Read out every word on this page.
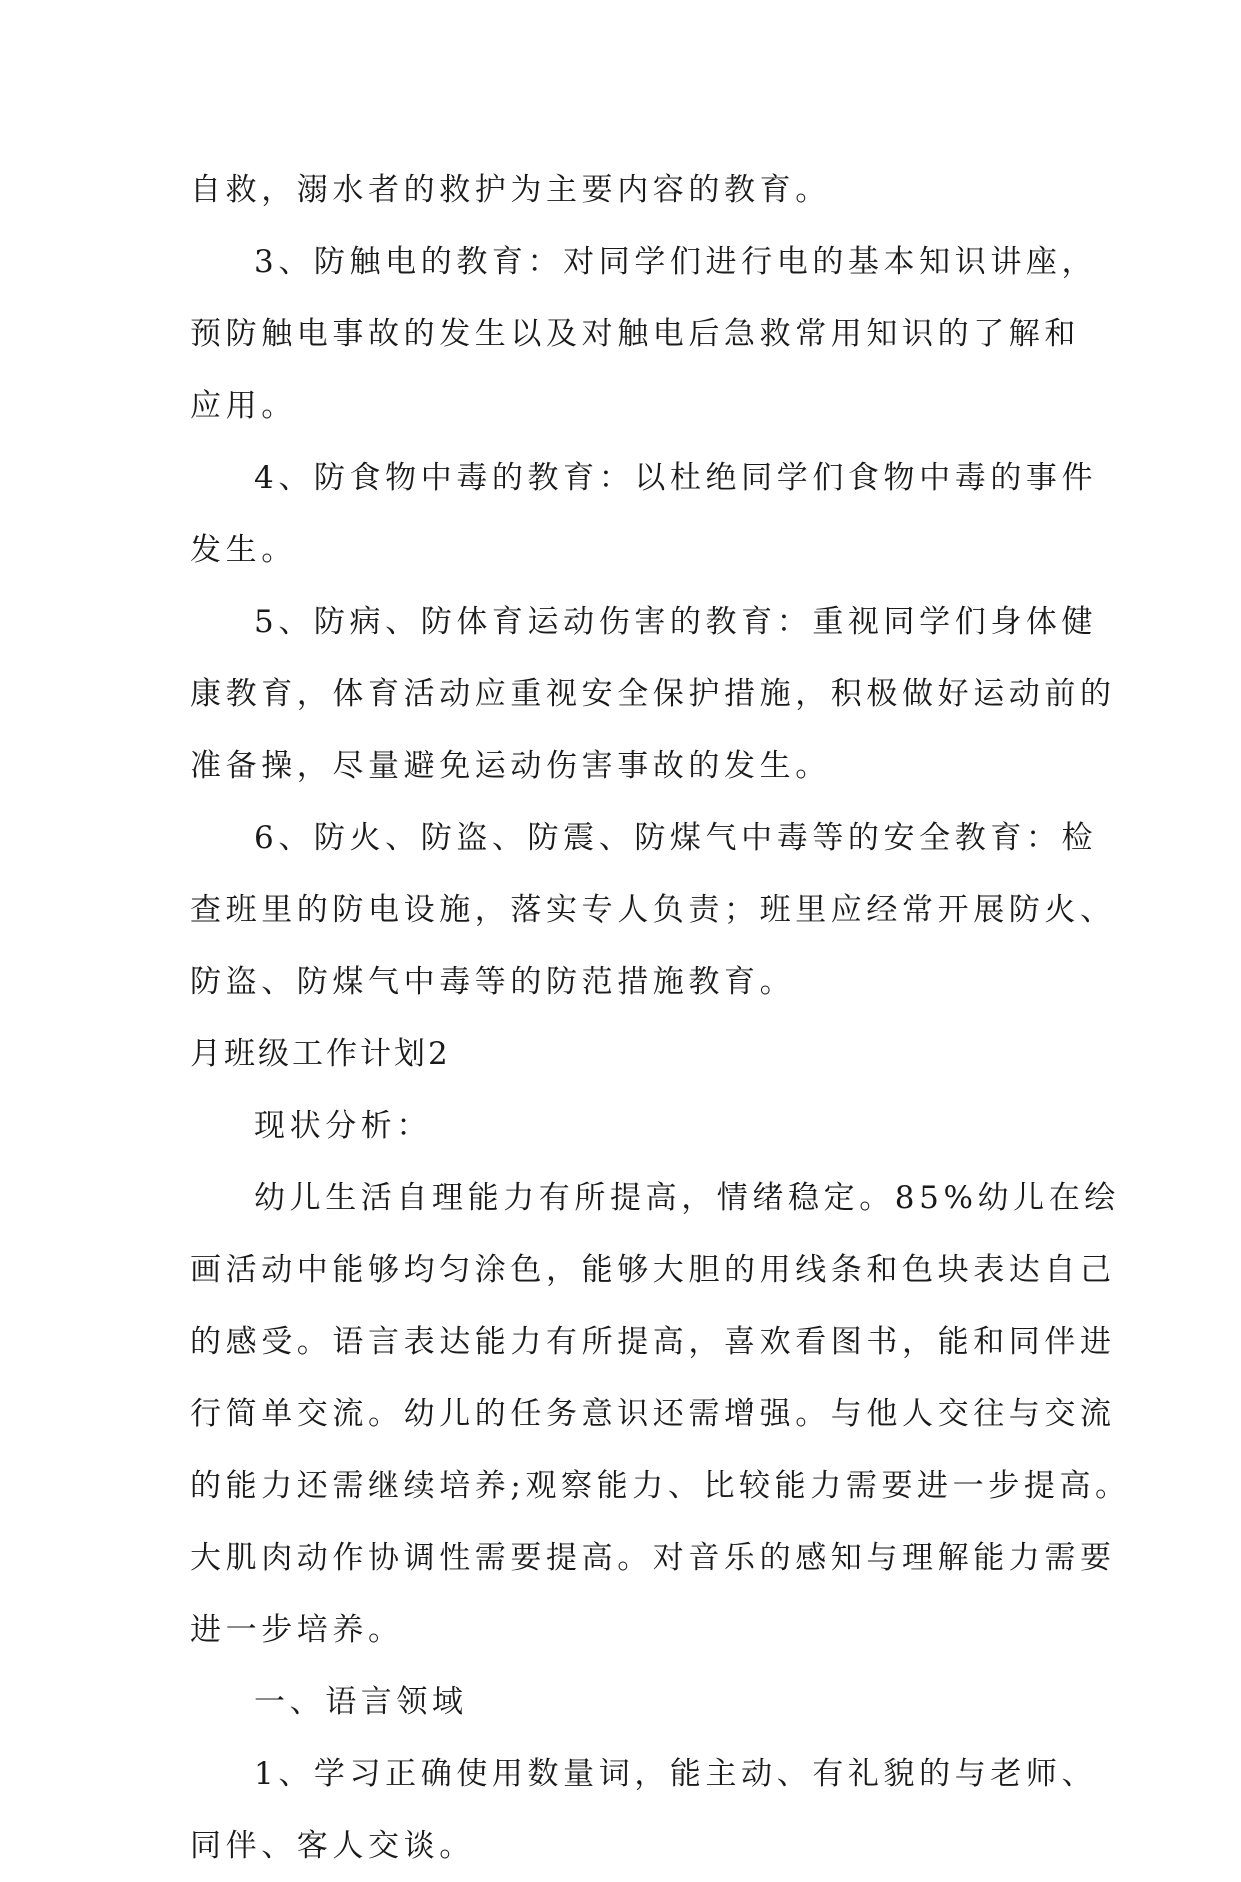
自救，溺水者的救护为主要内容的教育。
3、防触电的教育：对同学们进行电的基本知识讲座，
预防触电事故的发生以及对触电后急救常用知识的了解和
应用。
4、防食物中毒的教育：以杜绝同学们食物中毒的事件
发生。
5、防病、防体育运动伤害的教育：重视同学们身体健
康教育，体育活动应重视安全保护措施，积极做好运动前的
准备操，尽量避免运动伤害事故的发生。
6、防火、防盗、防震、防煤气中毒等的安全教育：检
查班里的防电设施，落实专人负责；班里应经常开展防火、
防盗、防煤气中毒等的防范措施教育。
月班级工作计划2
现状分析：
幼儿生活自理能力有所提高，情绪稳定。85%幼儿在绘
画活动中能够均匀涂色，能够大胆的用线条和色块表达自己
的感受。语言表达能力有所提高，喜欢看图书，能和同伴进
行简单交流。幼儿的任务意识还需增强。与他人交往与交流
的能力还需继续培养;观察能力、比较能力需要进一步提高。
大肌肉动作协调性需要提高。对音乐的感知与理解能力需要
进一步培养。
一、语言领域
1、学习正确使用数量词，能主动、有礼貌的与老师、
同伴、客人交谈。
